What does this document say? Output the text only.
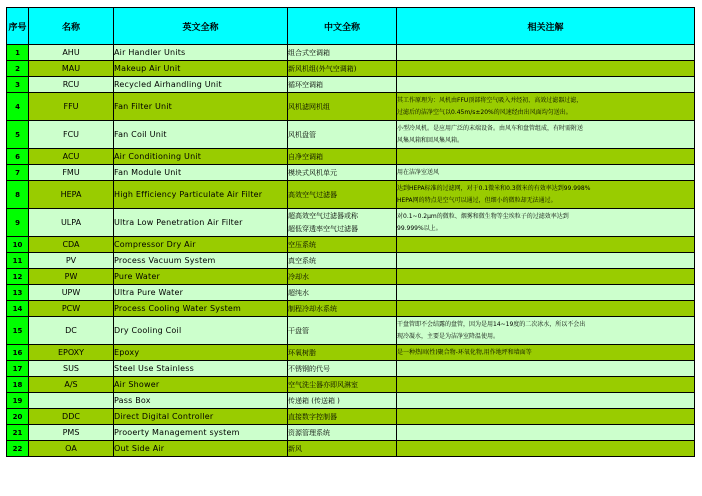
序号	名称	英文全称	中文全称	相关注解
1	AHU	Air Handler Units	组合式空调箱	
2	MAU	Makeup Air Unit	新风机组(外气空调箱)	
3	RCU	Recycled Airhandling Unit	循环空调箱	
4	FFU	Fan Filter Unit	风机滤网机组	其工作原理为：风机由FFU顶部将空气吸入并经初、高效过滤器过滤，
过滤后的洁净空气以0.45m/s±20%的风速经由出风面均匀送出。

5	FCU	Fan Coil Unit	风机盘管	小型冷风机。是应用广泛的末端设备。由风车和盘管组成，有时需附送
风集风箱和回风集风箱。

6	ACU	Air Conditioning Unit	自净空调箱	
7	FMU	Fan Module Unit	模块式风机单元	用在洁净室送风

8	HEPA	High Efficiency Particulate Air Filter	高效空气过滤器	达到HEPA标准的过滤网，对于0.1微米和0.3微米的有效率达到99.998%
HEPA网的特点是空气可以通过，但细小的微粒却无法通过。

9	ULPA	Ultra Low Penetration Air Filter	超高效空气过滤器或称
超低穿透率空气过滤器	对0.1~0.2μm的微粒、烟雾和微生物等尘埃粒子的过滤效率达到
99.999%以上。

10	CDA	Compressor Dry Air	空压系统	
11	PV	Process Vacuum System	真空系统	
12	PW	Pure Water	冷却水	
13	UPW	Ultra Pure Water	超纯水	
14	PCW	Process Cooling Water System	制程冷却水系统	
15	DC	Dry Cooling Coil	干盘管	干盘管即不会结露的盘管，因为是用14~19度的二次冰水，所以不会出
现冷凝水，主要是为洁净室降温使用。

16	EPOXY	Epoxy	环氧树脂	是一种热固(性)聚合物-环氧化物,用作地坪和墙面等

17	SUS	Steel Use Stainless	不锈钢的代号	
18	A/S	Air Shower	空气洗尘器亦即风淋室	
19		Pass Box	传递箱 (传送箱 )	
20	DDC	Direct Digital Controller	直接数字控制器	
21	PMS	Prooerty Management system	资源管理系统	
22	OA	Out Side Air	新风	
